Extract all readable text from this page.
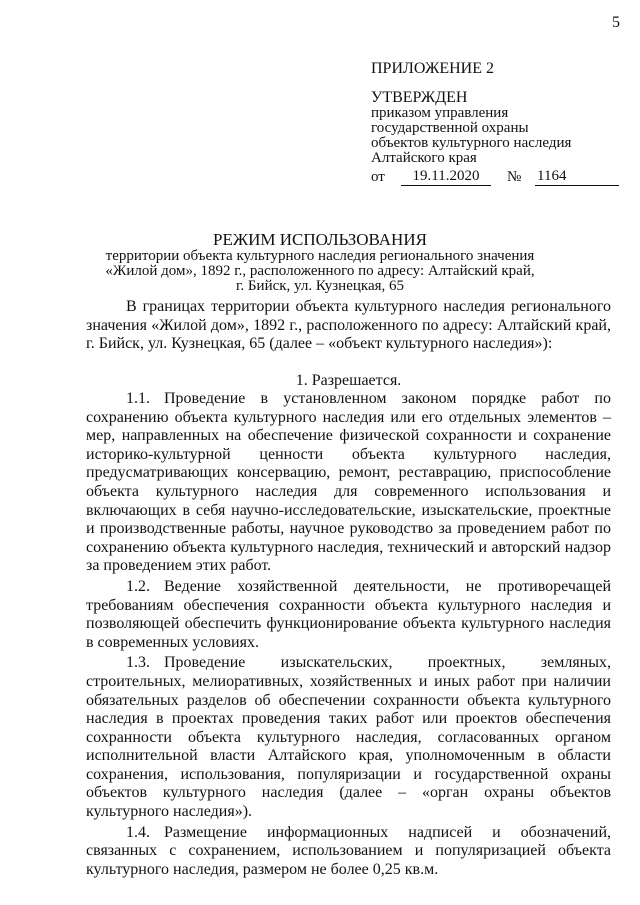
5
ПРИЛОЖЕНИЕ 2
УТВЕРЖДЕН
приказом управления
государственной охраны
объектов культурного наследия
Алтайского края
от	19.11.2020	№	1164
РЕЖИМ ИСПОЛЬЗОВАНИЯ
территории объекта культурного наследия регионального значения
«Жилой дом», 1892 г., расположенного по адресу: Алтайский край,
г. Бийск, ул. Кузнецкая, 65
В границах территории объекта культурного наследия регионального значения «Жилой дом», 1892 г., расположенного по адресу: Алтайский край, г. Бийск, ул. Кузнецкая, 65 (далее – «объект культурного наследия»):
1. Разрешается.

1.1. Проведение в установленном законом порядке работ по сохранению объекта культурного наследия или его отдельных элементов – мер, направленных на обеспечение физической сохранности и сохранение историко-культурной ценности объекта культурного наследия, предусматривающих консервацию, ремонт, реставрацию, приспособление объекта культурного наследия для современного использования и включающих в себя научно-исследовательские, изыскательские, проектные и производственные работы, научное руководство за проведением работ по сохранению объекта культурного наследия, технический и авторский надзор за проведением этих работ.

1.2. Ведение хозяйственной деятельности, не противоречащей требованиям обеспечения сохранности объекта культурного наследия и позволяющей обеспечить функционирование объекта культурного наследия в современных условиях.

1.3. Проведение изыскательских, проектных, земляных, строительных, мелиоративных, хозяйственных и иных работ при наличии обязательных разделов об обеспечении сохранности объекта культурного наследия в проектах проведения таких работ или проектов обеспечения сохранности объекта культурного наследия, согласованных органом исполнительной власти Алтайского края, уполномоченным в области сохранения, использования, популяризации и государственной охраны объектов культурного наследия (далее – «орган охраны объектов культурного наследия»).

1.4. Размещение информационных надписей и обозначений, связанных с сохранением, использованием и популяризацией объекта культурного наследия, размером не более 0,25 кв.м.
